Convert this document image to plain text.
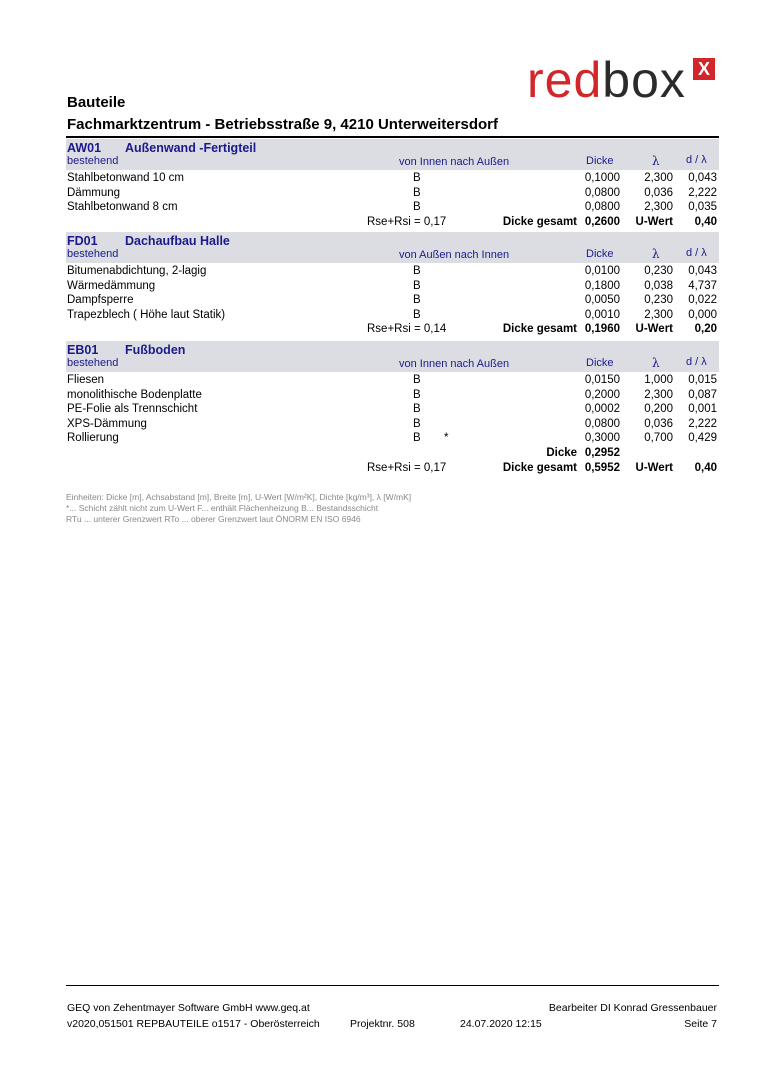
redbox X
Bauteile
Fachmarktzentrum - Betriebsstraße 9, 4210 Unterweitersdorf
AW01 Außenwand -Fertigteil
bestehend	von Innen nach Außen	Dicke	λ d / λ
Stahlbetonwand 10 cm	B	0,1000 2,300 0,043
Dämmung	B	0,0800 0,036 2,222
Stahlbetonwand 8 cm	B	0,0800 2,300 0,035
Rse+Rsi = 0,17	Dicke gesamt 0,2600 U-Wert 0,40
FD01 Dachaufbau Halle
bestehend	von Außen nach Innen	Dicke	λ d / λ
Bitumenabdichtung, 2-lagig	B	0,0100 0,230 0,043
Wärmedämmung	B	0,1800 0,038 4,737
Dampfsperre	B	0,0050 0,230 0,022
Trapezblech ( Höhe laut Statik)	B	0,0010 2,300 0,000
Rse+Rsi = 0,14	Dicke gesamt 0,1960 U-Wert 0,20
EB01 Fußboden
bestehend	von Innen nach Außen	Dicke	λ d / λ
Fliesen	B	0,0150 1,000 0,015
monolithische Bodenplatte	B	0,2000 2,300 0,087
PE-Folie als Trennschicht	B	0,0002 0,200 0,001
XPS-Dämmung	B	0,0800 0,036 2,222
Rollierung	B *	0,3000 0,700 0,429
Dicke 0,2952
Rse+Rsi = 0,17	Dicke gesamt 0,5952 U-Wert 0,40
Einheiten: Dicke [m], Achsabstand [m], Breite [m], U-Wert [W/m²K], Dichte [kg/m³], λ [W/mK]
*... Schicht zählt nicht zum U-Wert F... enthält Flächenheizung B... Bestandsschicht
RTu ... unterer Grenzwert RTo ... oberer Grenzwert laut ÖNORM EN ISO 6946
GEQ von Zehentmayer Software GmbH www.geq.at	Bearbeiter DI Konrad Gressenbauer
v2020,051501 REPBAUTEILE o1517 - Oberösterreich	Projektnr. 508	24.07.2020 12:15	Seite 7
